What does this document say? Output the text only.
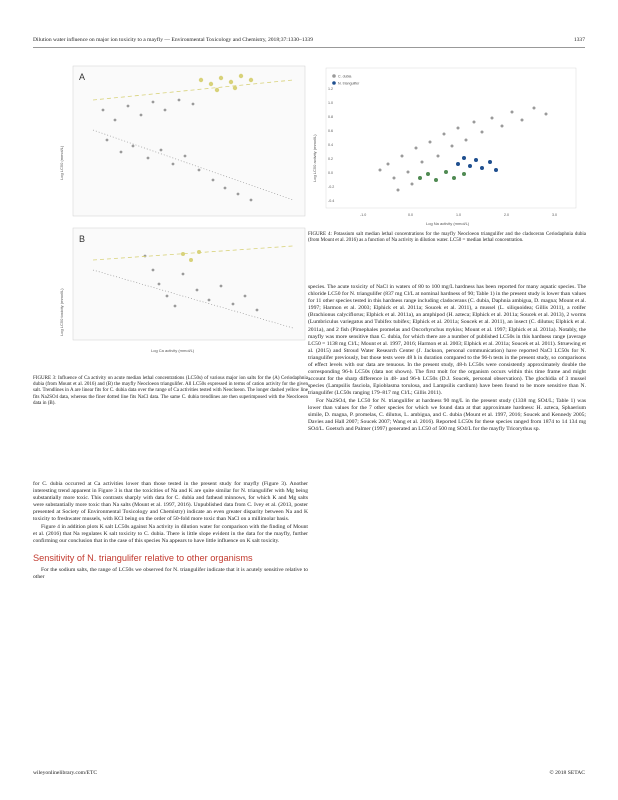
Dilution water influence on major ion toxicity to a mayfly — Environmental Toxicology and Chemistry, 2018;37:1330–1339	1337
A
Log LC50 (mmol/L)
B
Log LC50 toxicity (mmol/L)
Log Ca activity (mmol/L)
FIGURE 3: Influence of Ca activity on acute median lethal concentrations (LC50s) of various major ion salts for the (A) Ceriodaphnia dubia (from Mount et al. 2016) and (B) the mayfly Neocloeon triangulifer. All LC50s expressed in terms of cation activity for the given salt. Trendlines in A are linear fits for C. dubia data over the range of Ca activities tested with Neocloeon. The longer dashed yellow line fits Na2SO4 data, whereas the finer dotted line fits NaCl data. The same C. dubia trendlines are then superimposed with the Neocloeon data in (B).
C. dubia
N. triangulifer
Log LC50 activity (mmol/L)
1.2
1.0
0.8
0.6
0.4
0.2
0.0
-0.2
-0.4
-1.0	0.0	1.0	2.0	3.0
Log Na activity (mmol/L)
FIGURE 4: Potassium salt median lethal concentrations for the mayfly Neocloeon triangulifer and the cladoceran Ceriodaphnia dubia (from Mount et al. 2016) as a function of Na activity in dilution water. LC50 = median lethal concentration.

for C. dubia occurred at Ca activities lower than those tested in the present study for mayfly (Figure 3). Another interesting trend apparent in Figure 3 is that the toxicities of Na and K are quite similar for N. triangulifer with Mg being substantially more toxic. This contrasts sharply with data for C. dubia and fathead minnows, for which K and Mg salts were substantially more toxic than Na salts (Mount et al. 1997, 2016). Unpublished data from C. Ivey et al. (2013, poster presented at Society of Environmental Toxicology and Chemistry) indicate an even greater disparity between Na and K toxicity to freshwater mussels, with KCl being on the order of 50-fold more toxic than NaCl on a millimolar basis.

Figure 4 in addition plots K salt LC50s against Na activity in dilution water for comparison with the finding of Mount et al. (2016) that Na regulates K salt toxicity to C. dubia. There is little slope evident in the data for the mayfly, further confirming our conclusion that in the case of this species Na appears to have little influence on K salt toxicity.

Sensitivity of N. triangulifer relative to other organisms

For the sodium salts, the range of LC50s we observed for N. triangulifer indicate that it is acutely sensitive relative to other

species. The acute toxicity of NaCl in waters of 80 to 100 mg/L hardness has been reported for many aquatic species. The chloride LC50 for N. triangulifer (837 mg Cl/L at nominal hardness of 90; Table 1) in the present study is lower than values for 11 other species tested in this hardness range including cladocerans (C. dubia, Daphnia ambigua, D. magna; Mount et al. 1997; Harmon et al. 2003; Elphick et al. 2011a; Soucek et al. 2011), a mussel (L. siliquoidea; Gillis 2011), a rotifer (Brachionus calyciflorus; Elphick et al. 2011a), an amphipod (H. azteca; Elphick et al. 2011a; Soucek et al. 2013), 2 worms (Lumbriculus variegatus and Tubifex tubifex; Elphick et al. 2011a; Soucek et al. 2011), an insect (C. dilutus; Elphick et al. 2011a), and 2 fish (Pimephales promelas and Oncorhynchus mykiss; Mount et al. 1997; Elphick et al. 2011a). Notably, the mayfly was more sensitive than C. dubia, for which there are a number of published LC50s in this hardness range (average LC50 = 1138 mg Cl/L; Mount et al. 1997, 2016; Harmon et al. 2003; Elphick et al. 2011a; Soucek et al. 2011). Struewing et al. (2015) and Stroud Water Research Center (J. Jackson, personal communication) have reported NaCl LC50s for N. triangulifer previously, but those tests were 48 h in duration compared to the 96-h tests in the present study, so comparisons of effect levels with our data are tenuous. In the present study, 48-h LC50s were consistently approximately double the corresponding 96-h LC50s (data not shown). The first molt for the organism occurs within this time frame and might account for the sharp difference in 48- and 96-h LC50s (D.J. Soucek, personal observation). The glochidia of 3 mussel species (Lampsilis fasciola, Epioblasma torulosa, and Lampsilis cardium) have been found to be more sensitive than N. triangulifer (LC50s ranging 179–817 mg Cl/L; Gillis 2011).

For Na2SO4, the LC50 for N. triangulifer at hardness 90 mg/L in the present study (1338 mg SO4/L; Table 1) was lower than values for the 7 other species for which we found data at that approximate hardness: H. azteca, Sphaerium simile, D. magna, P. promelas, C. dilutus, L. ambigua, and C. dubia (Mount et al. 1997, 2016; Soucek and Kennedy 2005; Davies and Hall 2007; Soucek 2007; Wang et al. 2016). Reported LC50s for these species ranged from 1874 to 14 134 mg SO4/L. Goetsch and Palmer (1997) generated an LC50 of 500 mg SO4/L for the mayfly Tricorythus sp.

wileyonlinelibrary.com/ETC	© 2018 SETAC
